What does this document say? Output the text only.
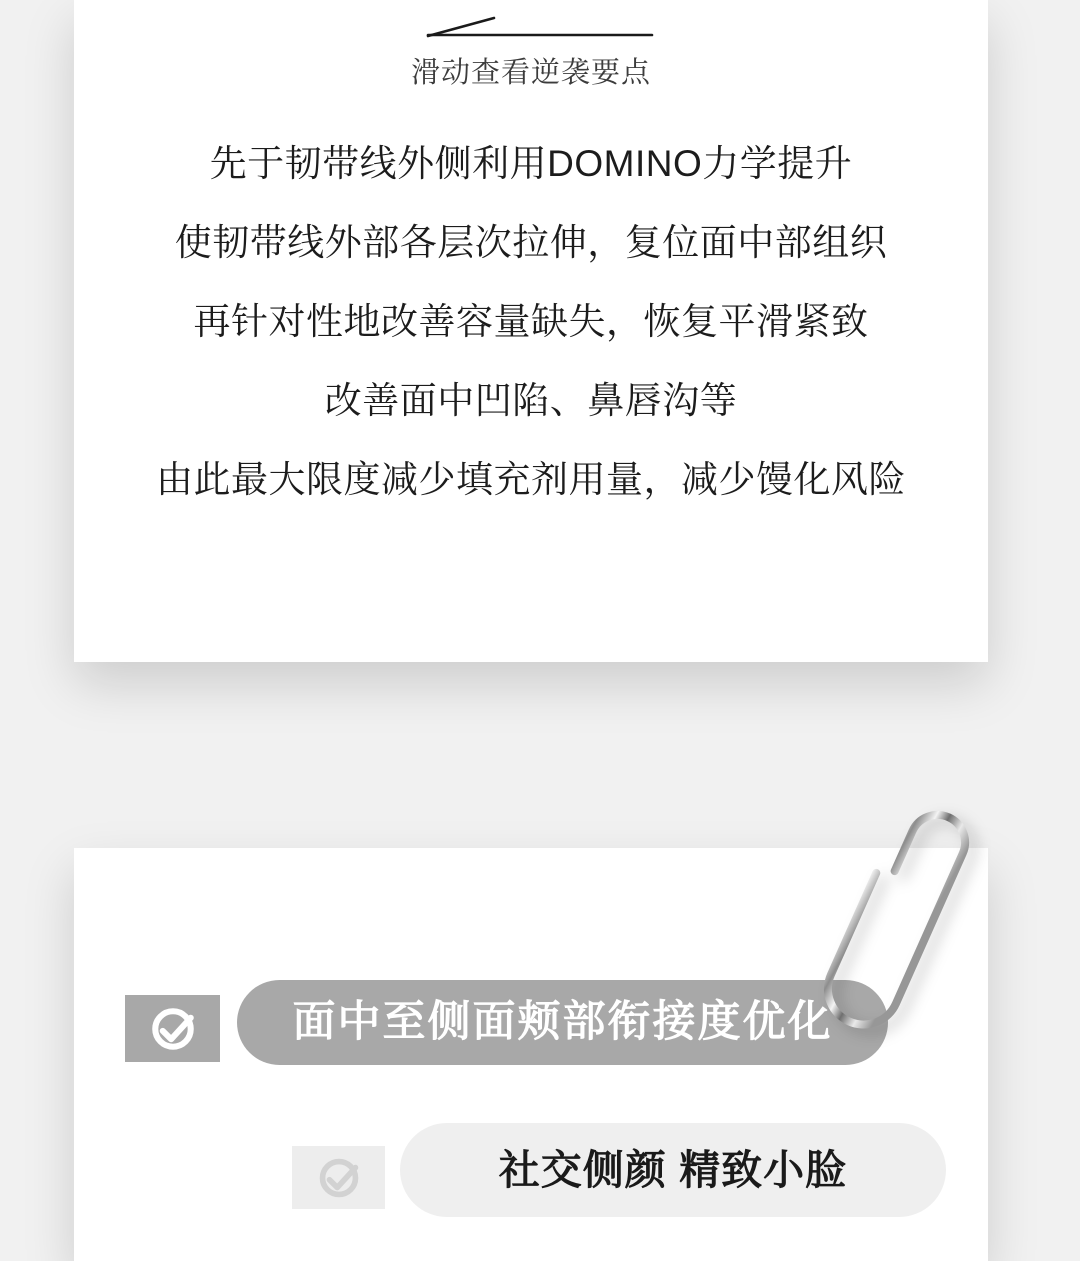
滑动查看逆袭要点
先于韧带线外侧利用DOMINO力学提升
使韧带线外部各层次拉伸，复位面中部组织
再针对性地改善容量缺失，恢复平滑紧致
改善面中凹陷、鼻唇沟等
由此最大限度减少填充剂用量，减少馒化风险
面中至侧面颊部衔接度优化
社交侧颜 精致小脸
